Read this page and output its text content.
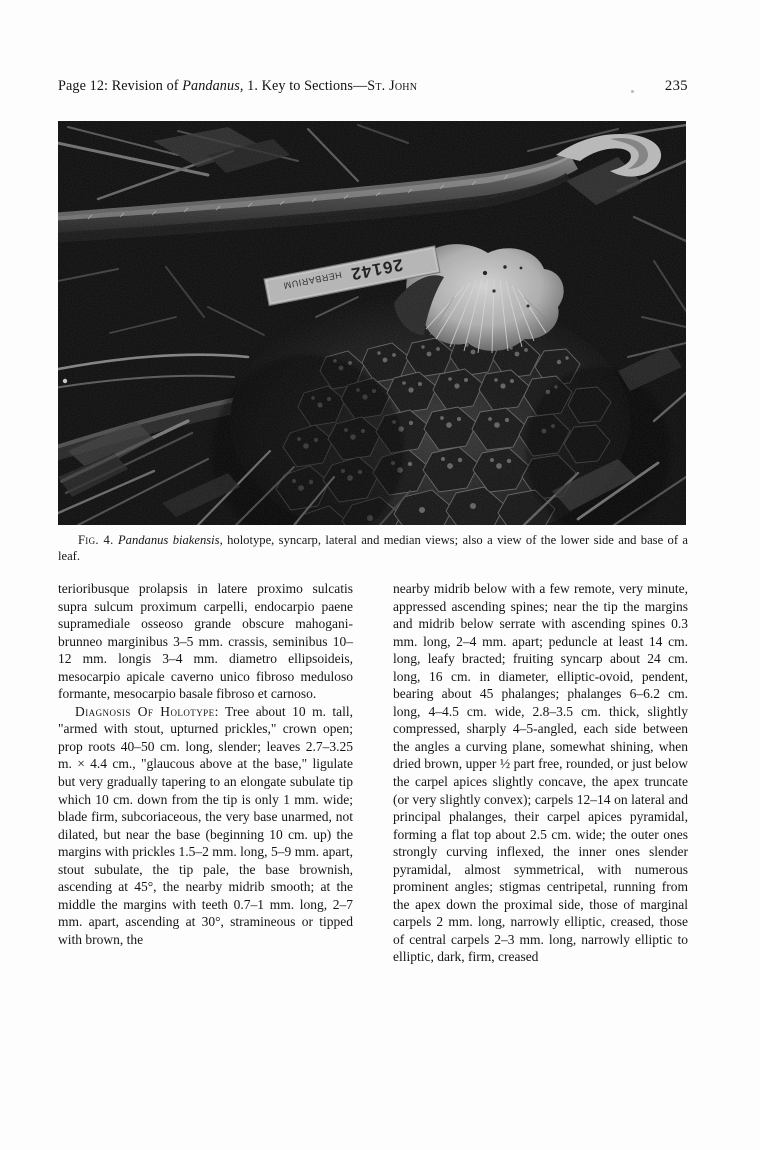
Page 12: Revision of Pandanus, 1. Key to Sections—St. John	235
Fig. 4. Pandanus biakensis, holotype, syncarp, lateral and median views; also a view of the lower side and base of a leaf.

terioribusque prolapsis in latere proximo sulcatis supra sulcum proximum carpelli, endocarpio paene supramediale osseoso grande obscure mahogani-brunneo marginibus 3–5 mm. crassis, seminibus 10–12 mm. longis 3–4 mm. diametro ellipsoideis, mesocarpio apicale caverno unico fibroso meduloso formante, mesocarpio basale fibroso et carnoso.

Diagnosis Of Holotype: Tree about 10 m. tall, "armed with stout, upturned prickles," crown open; prop roots 40–50 cm. long, slender; leaves 2.7–3.25 m. × 4.4 cm., "glaucous above at the base," ligulate but very gradually tapering to an elongate subulate tip which 10 cm. down from the tip is only 1 mm. wide; blade firm, subcoriaceous, the very base unarmed, not dilated, but near the base (beginning 10 cm. up) the margins with prickles 1.5–2 mm. long, 5–9 mm. apart, stout subulate, the tip pale, the base brownish, ascending at 45°, the nearby midrib smooth; at the middle the margins with teeth 0.7–1 mm. long, 2–7 mm. apart, ascending at 30°, stramineous or tipped with brown, the

nearby midrib below with a few remote, very minute, appressed ascending spines; near the tip the margins and midrib below serrate with ascending spines 0.3 mm. long, 2–4 mm. apart; peduncle at least 14 cm. long, leafy bracted; fruiting syncarp about 24 cm. long, 16 cm. in diameter, elliptic-ovoid, pendent, bearing about 45 phalanges; phalanges 6–6.2 cm. long, 4–4.5 cm. wide, 2.8–3.5 cm. thick, slightly compressed, sharply 4–5-angled, each side between the angles a curving plane, somewhat shining, when dried brown, upper ½ part free, rounded, or just below the carpel apices slightly concave, the apex truncate (or very slightly convex); carpels 12–14 on lateral and principal phalanges, their carpel apices pyramidal, forming a flat top about 2.5 cm. wide; the outer ones strongly curving inflexed, the inner ones slender pyramidal, almost symmetrical, with numerous prominent angles; stigmas centripetal, running from the apex down the proximal side, those of marginal carpels 2 mm. long, narrowly elliptic, creased, those of central carpels 2–3 mm. long, narrowly elliptic to elliptic, dark, firm, creased
